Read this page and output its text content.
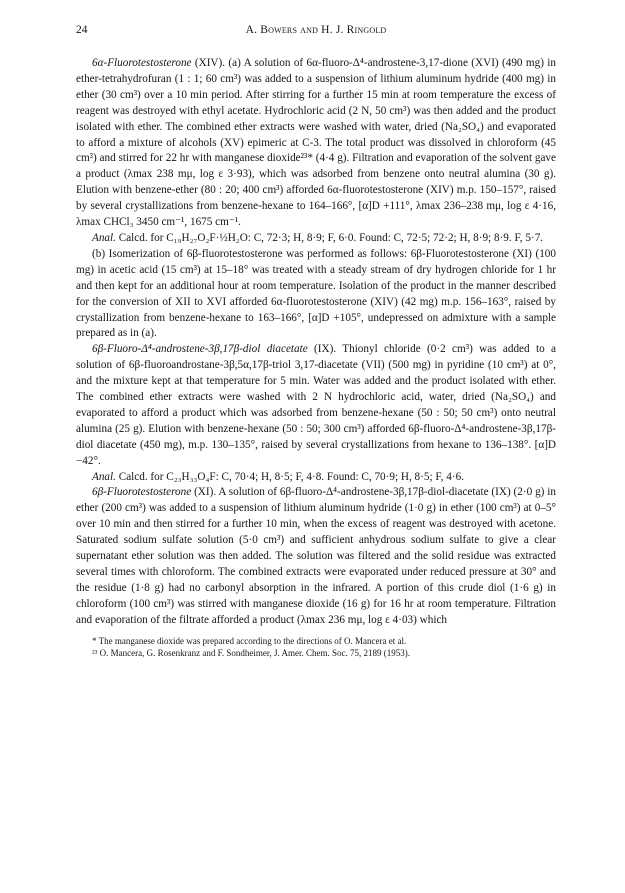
24	A. Bowers and H. J. Ringold

6α-Fluorotestosterone (XIV). (a) A solution of 6α-fluoro-Δ⁴-androstene-3,17-dione (XVI) (490 mg) in ether-tetrahydrofuran (1 : 1; 60 cm³) was added to a suspension of lithium aluminum hydride (400 mg) in ether (30 cm³) over a 10 min period. After stirring for a further 15 min at room temperature the excess of reagent was destroyed with ethyl acetate. Hydrochloric acid (2 N, 50 cm³) was then added and the product isolated with ether. The combined ether extracts were washed with water, dried (Na₂SO₄) and evaporated to afford a mixture of alcohols (XV) epimeric at C-3. The total product was dissolved in chloroform (45 cm³) and stirred for 22 hr with manganese dioxide²³* (4·4 g). Filtration and evaporation of the solvent gave a product (λmax 238 mμ, log ε 3·93), which was adsorbed from benzene onto neutral alumina (30 g). Elution with benzene-ether (80 : 20; 400 cm³) afforded 6α-fluorotestosterone (XIV) m.p. 150–157°, raised by several crystallizations from benzene-hexane to 164–166°, [α]D +111°, λmax 236–238 mμ, log ε 4·16, λmax CHCl₃ 3450 cm⁻¹, 1675 cm⁻¹.

Anal. Calcd. for C₁₉H₂₇O₂F·½H₂O: C, 72·3; H, 8·9; F, 6·0. Found: C, 72·5; 72·2; H, 8·9; 8·9. F, 5·7.

(b) Isomerization of 6β-fluorotestosterone was performed as follows: 6β-Fluorotestosterone (XI) (100 mg) in acetic acid (15 cm³) at 15–18° was treated with a steady stream of dry hydrogen chloride for 1 hr and then kept for an additional hour at room temperature. Isolation of the product in the manner described for the conversion of XII to XVI afforded 6α-fluorotestosterone (XIV) (42 mg) m.p. 156–163°, raised by crystallization from benzene-hexane to 163–166°, [α]D +105°, undepressed on admixture with a sample prepared as in (a).

6β-Fluoro-Δ⁴-androstene-3β,17β-diol diacetate (IX). Thionyl chloride (0·2 cm³) was added to a solution of 6β-fluoroandrostane-3β,5α,17β-triol 3,17-diacetate (VII) (500 mg) in pyridine (10 cm³) at 0°, and the mixture kept at that temperature for 5 min. Water was added and the product isolated with ether. The combined ether extracts were washed with 2 N hydrochloric acid, water, dried (Na₂SO₄) and evaporated to afford a product which was adsorbed from benzene-hexane (50 : 50; 50 cm³) onto neutral alumina (25 g). Elution with benzene-hexane (50 : 50; 300 cm³) afforded 6β-fluoro-Δ⁴-androstene-3β,17β-diol diacetate (450 mg), m.p. 130–135°, raised by several crystallizations from hexane to 136–138°. [α]D −42°.

Anal. Calcd. for C₂₃H₃₃O₄F: C, 70·4; H, 8·5; F, 4·8. Found: C, 70·9; H, 8·5; F, 4·6.

6β-Fluorotestosterone (XI). A solution of 6β-fluoro-Δ⁴-androstene-3β,17β-diol-diacetate (IX) (2·0 g) in ether (200 cm³) was added to a suspension of lithium aluminum hydride (1·0 g) in ether (100 cm³) at 0–5° over 10 min and then stirred for a further 10 min, when the excess of reagent was destroyed with acetone. Saturated sodium sulfate solution (5·0 cm³) and sufficient anhydrous sodium sulfate to give a clear supernatant ether solution was then added. The solution was filtered and the solid residue was extracted several times with chloroform. The combined extracts were evaporated under reduced pressure at 30° and the residue (1·8 g) had no carbonyl absorption in the infrared. A portion of this crude diol (1·6 g) in chloroform (100 cm³) was stirred with manganese dioxide (16 g) for 16 hr at room temperature. Filtration and evaporation of the filtrate afforded a product (λmax 236 mμ, log ε 4·03) which

* The manganese dioxide was prepared according to the directions of O. Mancera et al.

²³ O. Mancera, G. Rosenkranz and F. Sondheimer, J. Amer. Chem. Soc. 75, 2189 (1953).
